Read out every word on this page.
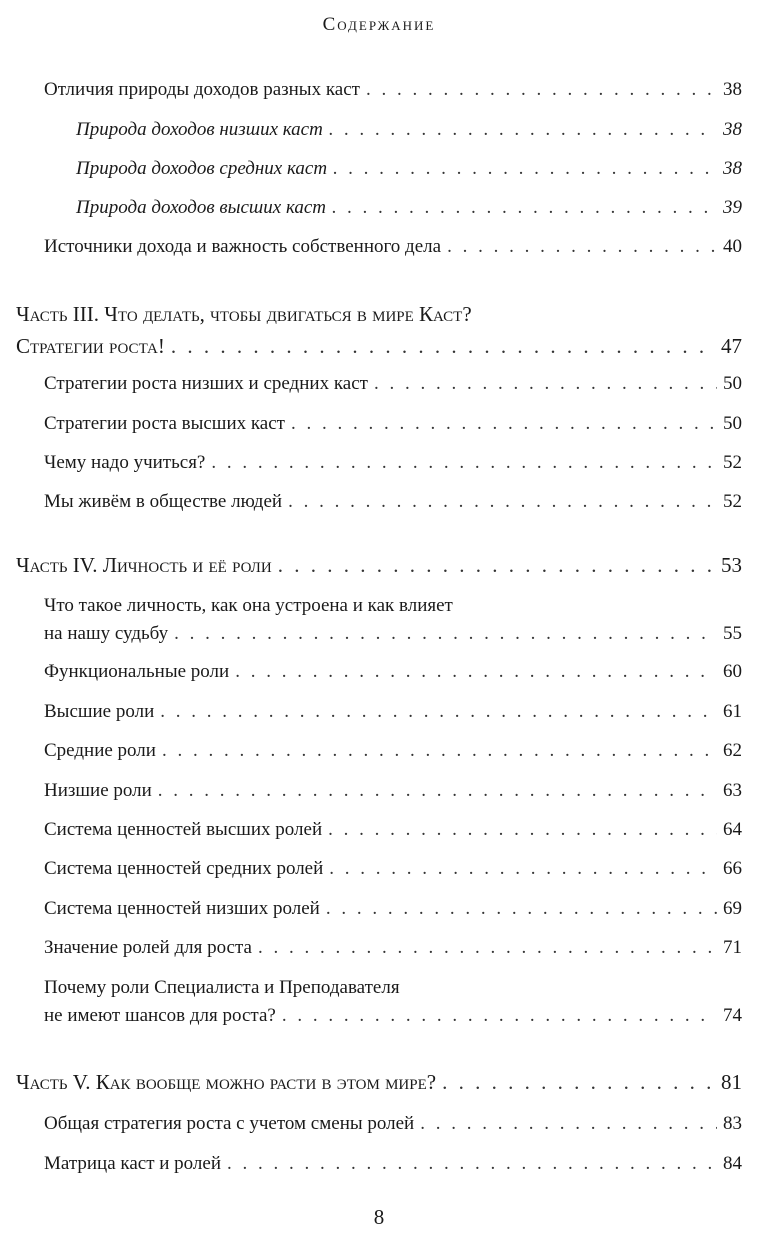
Содержание
Отличия природы доходов разных каст . . .	38
Природа доходов низших каст . . .	38
Природа доходов средних каст . . .	38
Природа доходов высших каст . . .	39
Источники дохода и важность собственного дела . . .	40
Часть III. Что делать, чтобы двигаться в мире Каст?
Стратегии роста! . . .	47
Стратегии роста низших и средних каст . . .	50
Стратегии роста высших каст . . .	50
Чему надо учиться? . . .	52
Мы живём в обществе людей . . .	52
Часть IV. Личность и её роли . . .	53
Что такое личность, как она устроена и как влияет
на нашу судьбу . . .	55
Функциональные роли . . .	60
Высшие роли . . .	61
Средние роли . . .	62
Низшие роли . . .	63
Система ценностей высших ролей . . .	64
Система ценностей средних ролей . . .	66
Система ценностей низших ролей . . .	69
Значение ролей для роста . . .	71
Почему роли Специалиста и Преподавателя
не имеют шансов для роста? . . .	74
Часть V. Как вообще можно расти в этом мире? . . .	81
Общая стратегия роста с учетом смены ролей . . .	83
Матрица каст и ролей . . .	84
8
